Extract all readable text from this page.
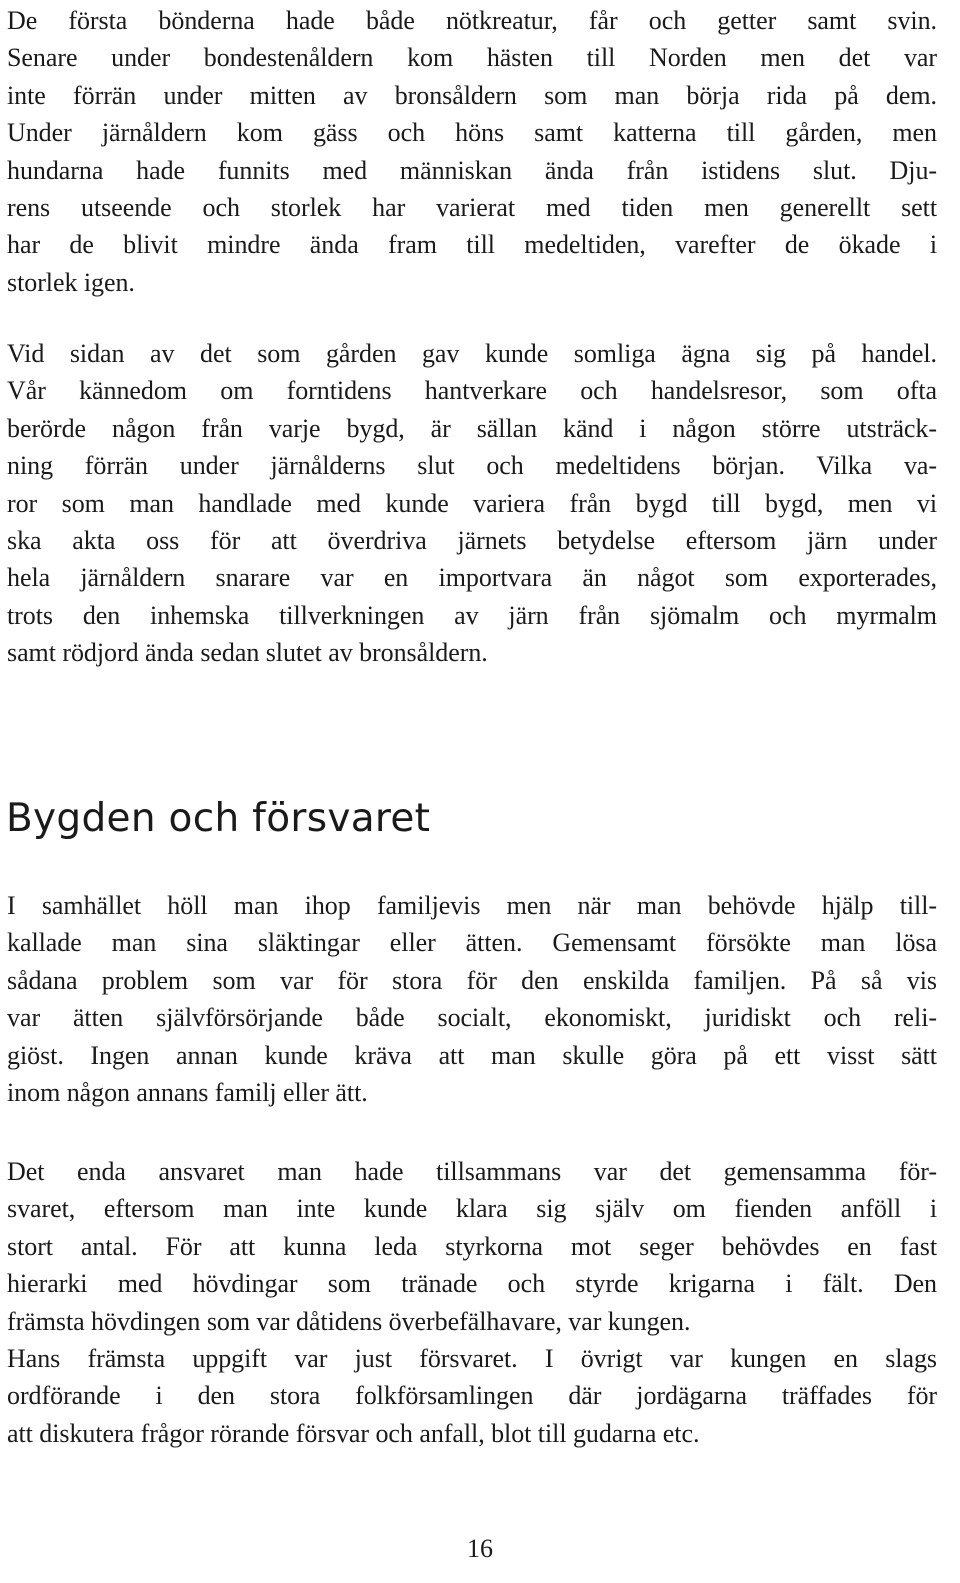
De första bönderna hade både nötkreatur, får och getter samt svin.
Senare under bondestenåldern kom hästen till Norden men det var
inte förrän under mitten av bronsåldern som man börja rida på dem.
Under järnåldern kom gäss och höns samt katterna till gården, men
hundarna hade funnits med människan ända från istidens slut. Dju-
rens utseende och storlek har varierat med tiden men generellt sett
har de blivit mindre ända fram till medeltiden, varefter de ökade i
storlek igen.
Vid sidan av det som gården gav kunde somliga ägna sig på handel.
Vår kännedom om forntidens hantverkare och handelsresor, som ofta
berörde någon från varje bygd, är sällan känd i någon större utsträck-
ning förrän under järnålderns slut och medeltidens början. Vilka va-
ror som man handlade med kunde variera från bygd till bygd, men vi
ska akta oss för att överdriva järnets betydelse eftersom järn under
hela järnåldern snarare var en importvara än något som exporterades,
trots den inhemska tillverkningen av järn från sjömalm och myrmalm
samt rödjord ända sedan slutet av bronsåldern.
Bygden och försvaret
I samhället höll man ihop familjevis men när man behövde hjälp till-
kallade man sina släktingar eller ätten. Gemensamt försökte man lösa
sådana problem som var för stora för den enskilda familjen. På så vis
var ätten självförsörjande både socialt, ekonomiskt, juridiskt och reli-
giöst. Ingen annan kunde kräva att man skulle göra på ett visst sätt
inom någon annans familj eller ätt.
Det enda ansvaret man hade tillsammans var det gemensamma för-
svaret, eftersom man inte kunde klara sig själv om fienden anföll i
stort antal. För att kunna leda styrkorna mot seger behövdes en fast
hierarki med hövdingar som tränade och styrde krigarna i fält. Den
främsta hövdingen som var dåtidens överbefälhavare, var kungen.
Hans främsta uppgift var just försvaret. I övrigt var kungen en slags
ordförande i den stora folkförsamlingen där jordägarna träffades för
att diskutera frågor rörande försvar och anfall, blot till gudarna etc.
16
